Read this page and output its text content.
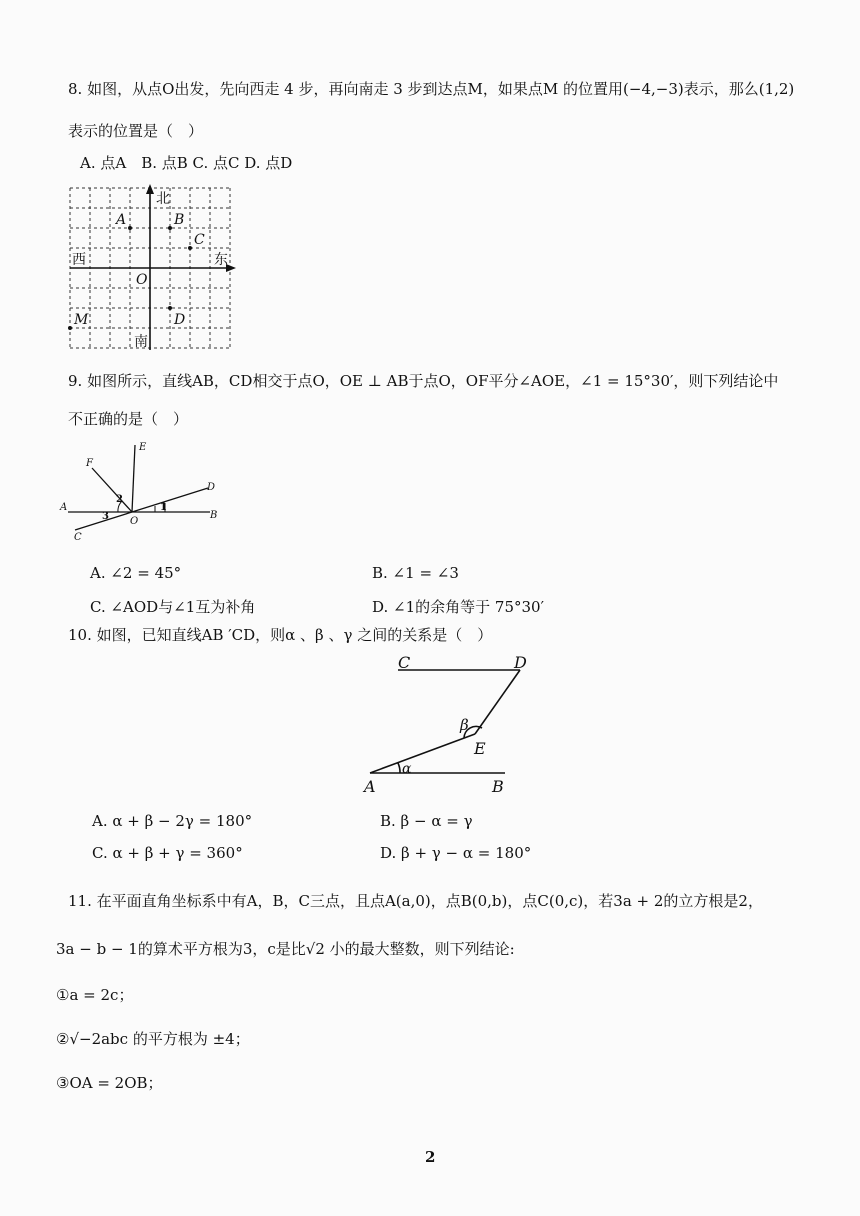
8. 如图，从点O出发，先向西走 4 步，再向南走 3 步到达点M，如果点M 的位置用(−4,−3)表示，那么(1,2)
表示的位置是（　）
A. 点A　B. 点B C. 点C D. 点D
北
南
西	东
O
A	B
C
D
M
9. 如图所示，直线AB，CD相交于点O，OE ⊥ AB于点O，OF平分∠AOE，∠1 = 15°30′，则下列结论中
不正确的是（　）
E
F
D
A
B
C
O
2
3
1
A. ∠2 = 45°	B. ∠1 = ∠3
C. ∠AOD与∠1互为补角	D. ∠1的余角等于 75°30′
10. 如图，已知直线AB ′CD，则α 、β 、γ 之间的关系是（　）
C	D
E
A	B
α
β
A. α + β − 2γ = 180°	B. β − α = γ
C. α + β + γ = 360°	D. β + γ − α = 180°
11. 在平面直角坐标系中有A，B，C三点，且点A(a,0)，点B(0,b)，点C(0,c)，若3a + 2的立方根是2，
3a − b − 1的算术平方根为3，c是比√2 小的最大整数，则下列结论:
①a = 2c；
②√−2abc 的平方根为 ±4；
③OA = 2OB；
2
